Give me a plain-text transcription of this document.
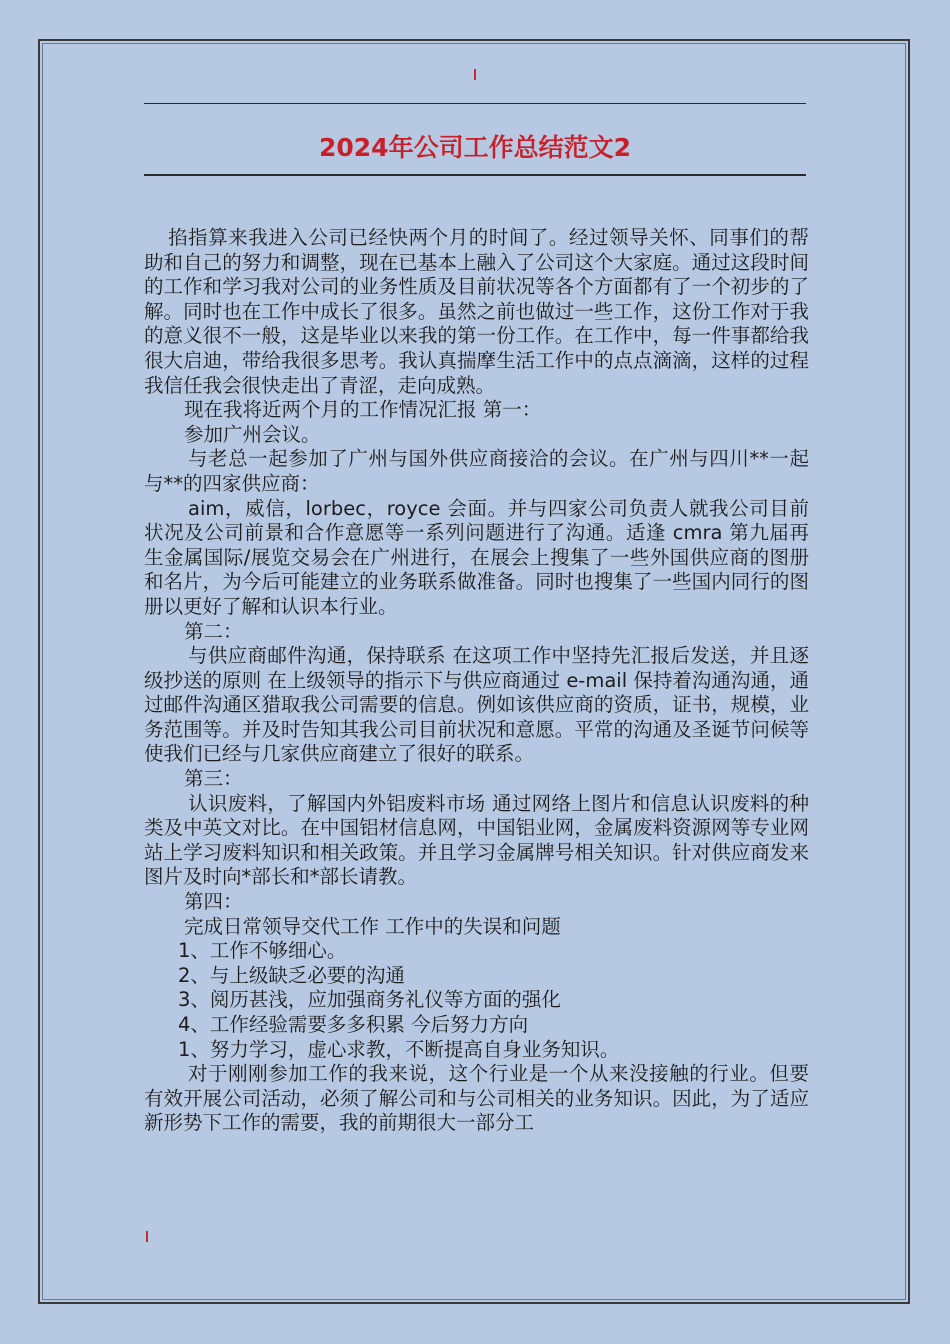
2024年公司工作总结范文2

掐指算来我进入公司已经快两个月的时间了。经过领导关怀、同事们的帮助和自己的努力和调整，现在已基本上融入了公司这个大家庭。通过这段时间的工作和学习我对公司的业务性质及目前状况等各个方面都有了一个初步的了解。同时也在工作中成长了很多。虽然之前也做过一些工作，这份工作对于我的意义很不一般，这是毕业以来我的第一份工作。在工作中，每一件事都给我很大启迪，带给我很多思考。我认真揣摩生活工作中的点点滴滴，这样的过程我信任我会很快走出了青涩，走向成熟。

现在我将近两个月的工作情况汇报 第一：

参加广州会议。

与老总一起参加了广州与国外供应商接洽的会议。在广州与四川**一起与**的四家供应商：

aim，威信，lorbec，royce 会面。并与四家公司负责人就我公司目前状况及公司前景和合作意愿等一系列问题进行了沟通。适逢 cmra 第九届再生金属国际/展览交易会在广州进行，在展会上搜集了一些外国供应商的图册和名片，为今后可能建立的业务联系做准备。同时也搜集了一些国内同行的图册以更好了解和认识本行业。

第二：

与供应商邮件沟通，保持联系 在这项工作中坚持先汇报后发送，并且逐级抄送的原则 在上级领导的指示下与供应商通过 e-mail 保持着沟通沟通，通过邮件沟通区猎取我公司需要的信息。例如该供应商的资质，证书，规模，业务范围等。并及时告知其我公司目前状况和意愿。平常的沟通及圣诞节问候等使我们已经与几家供应商建立了很好的联系。

第三：

认识废料，了解国内外铝废料市场 通过网络上图片和信息认识废料的种类及中英文对比。在中国铝材信息网，中国铝业网，金属废料资源网等专业网站上学习废料知识和相关政策。并且学习金属牌号相关知识。针对供应商发来图片及时向*部长和*部长请教。

第四：

完成日常领导交代工作 工作中的失误和问题

1、工作不够细心。

2、与上级缺乏必要的沟通

3、阅历甚浅，应加强商务礼仪等方面的强化

4、工作经验需要多多积累 今后努力方向

1、努力学习，虚心求教，不断提高自身业务知识。

对于刚刚参加工作的我来说，这个行业是一个从来没接触的行业。但要有效开展公司活动，必须了解公司和与公司相关的业务知识。因此，为了适应新形势下工作的需要，我的前期很大一部分工
